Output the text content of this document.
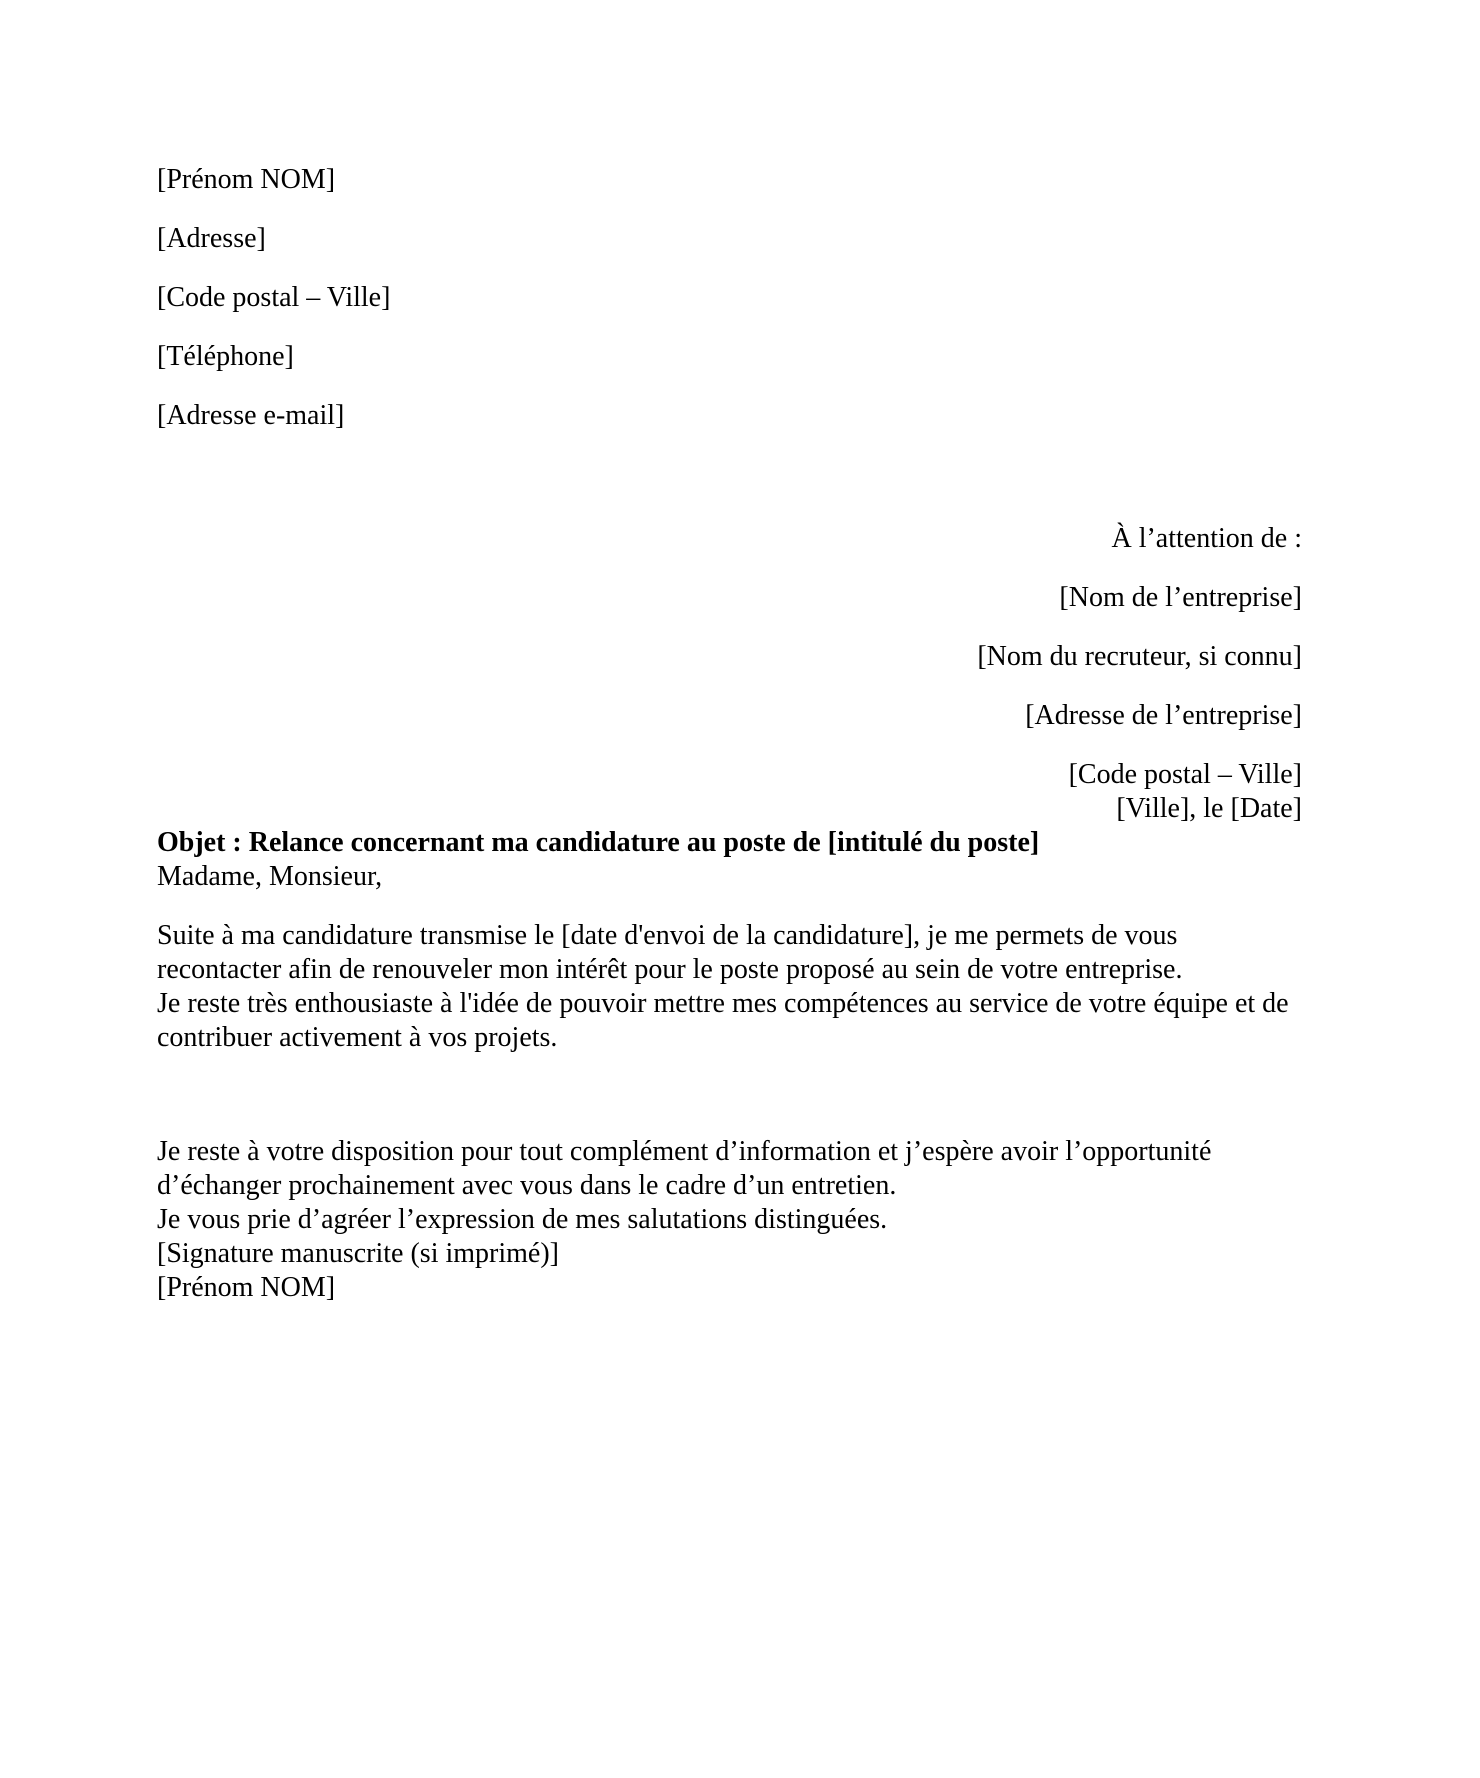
[Prénom NOM]

[Adresse]

[Code postal – Ville]

[Téléphone]

[Adresse e-mail]

À l’attention de :

[Nom de l’entreprise]

[Nom du recruteur, si connu]

[Adresse de l’entreprise]

[Code postal – Ville]

[Ville], le [Date]

Objet : Relance concernant ma candidature au poste de [intitulé du poste]

Madame, Monsieur,

Suite à ma candidature transmise le [date d'envoi de la candidature], je me permets de vous recontacter afin de renouveler mon intérêt pour le poste proposé au sein de votre entreprise.

Je reste très enthousiaste à l'idée de pouvoir mettre mes compétences au service de votre équipe et de contribuer activement à vos projets.

Je reste à votre disposition pour tout complément d’information et j’espère avoir l’opportunité d’échanger prochainement avec vous dans le cadre d’un entretien.

Je vous prie d’agréer l’expression de mes salutations distinguées.

[Signature manuscrite (si imprimé)]

[Prénom NOM]
